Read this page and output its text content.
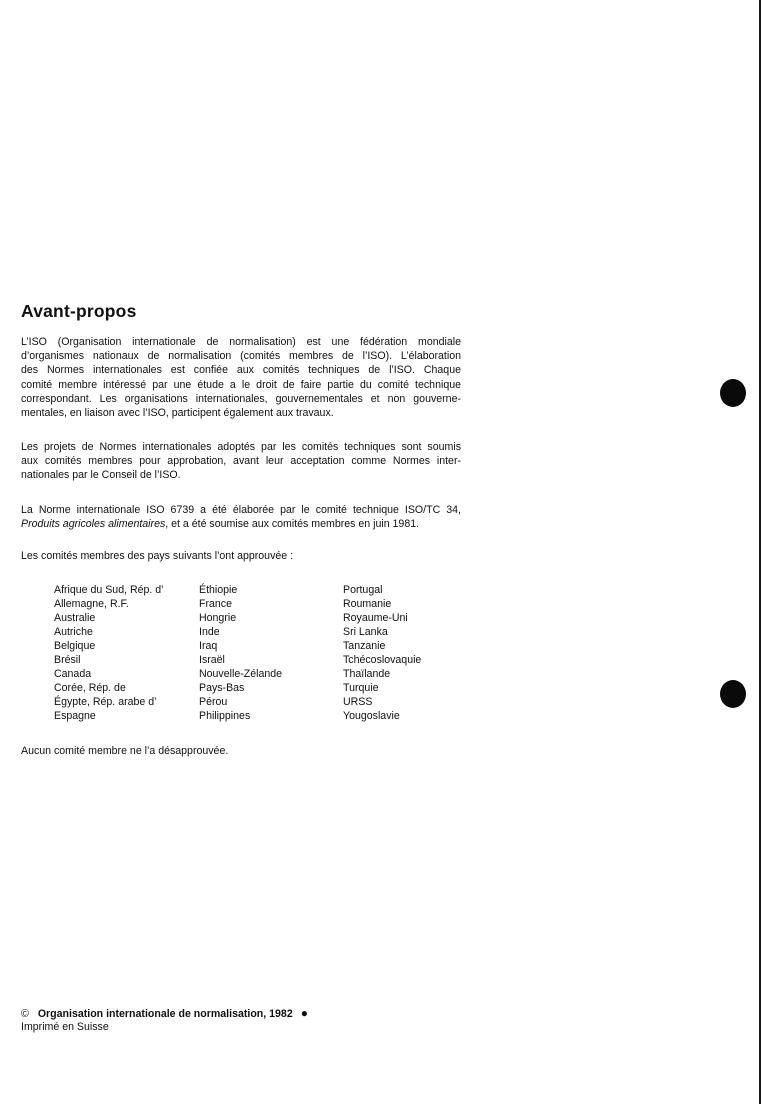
Avant-propos

L’ISO (Organisation internationale de normalisation) est une fédération mondiale
d’organismes nationaux de normalisation (comités membres de l’ISO). L’élaboration
des Normes internationales est confiée aux comités techniques de l’ISO. Chaque
comité membre intéressé par une étude a le droit de faire partie du comité technique
correspondant. Les organisations internationales, gouvernementales et non gouverne-
mentales, en liaison avec l’ISO, participent également aux travaux.

Les projets de Normes internationales adoptés par les comités techniques sont soumis
aux comités membres pour approbation, avant leur acceptation comme Normes inter-
nationales par le Conseil de l’ISO.

La Norme internationale ISO 6739 a été élaborée par le comité technique ISO/TC 34,
Produits agricoles alimentaires, et a été soumise aux comités membres en juin 1981.

Les comités membres des pays suivants l’ont approuvée :

Afrique du Sud, Rép. d’
Allemagne, R.F.
Australie
Autriche
Belgique
Brésil
Canada
Corée, Rép. de
Égypte, Rép. arabe d’
Espagne
Éthiopie
France
Hongrie
Inde
Iraq
Israël
Nouvelle-Zélande
Pays-Bas
Pérou
Philippines
Portugal
Roumanie
Royaume-Uni
Sri Lanka
Tanzanie
Tchécoslovaquie
Thaïlande
Turquie
URSS
Yougoslavie

Aucun comité membre ne l’a désapprouvée.

© Organisation internationale de normalisation, 1982 ●
Imprimé en Suisse
